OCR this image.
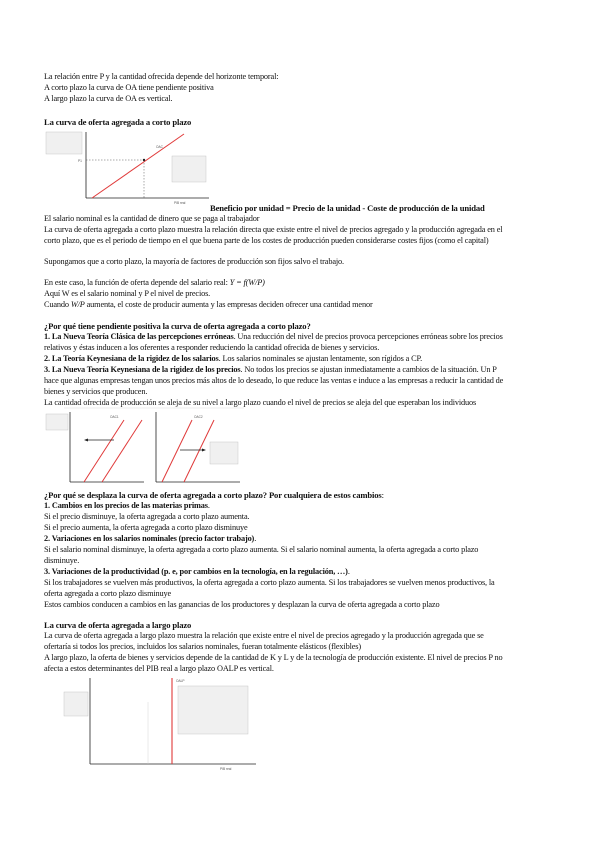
La relación entre P y la cantidad ofrecida depende del horizonte temporal:
A corto plazo la curva de OA tiene pendiente positiva
A largo plazo la curva de OA es vertical.
La curva de oferta agregada a corto plazo
OAC
P1
PIB real	Beneficio por unidad = Precio de la unidad - Coste de producción de la unidad
El salario nominal es la cantidad de dinero que se paga al trabajador
La curva de oferta agregada a corto plazo muestra la relación directa que existe entre el nivel de precios agregado y la producción agregada en el
corto plazo, que es el periodo de tiempo en el que buena parte de los costes de producción pueden considerarse costes fijos (como el capital)
Supongamos que a corto plazo, la mayoría de factores de producción son fijos salvo el trabajo.
En este caso, la función de oferta depende del salario real: Y = f(W/P)
Aquí W es el salario nominal y P el nivel de precios.
Cuando W/P aumenta, el coste de producir aumenta y las empresas deciden ofrecer una cantidad menor
¿Por qué tiene pendiente positiva la curva de oferta agregada a corto plazo?
1. La Nueva Teoría Clásica de las percepciones erróneas. Una reducción del nivel de precios provoca percepciones erróneas sobre los precios
relativos y éstas inducen a los oferentes a responder reduciendo la cantidad ofrecida de bienes y servicios.
2. La Teoría Keynesiana de la rigidez de los salarios. Los salarios nominales se ajustan lentamente, son rígidos a CP.
3. La Nueva Teoría Keynesiana de la rigidez de los precios. No todos los precios se ajustan inmediatamente a cambios de la situación. Un P
hace que algunas empresas tengan unos precios más altos de lo deseado, lo que reduce las ventas e induce a las empresas a reducir la cantidad de
bienes y servicios que producen.
La cantidad ofrecida de producción se aleja de su nivel a largo plazo cuando el nivel de precios se aleja del que esperaban los individuos
OAC1	OAC2
¿Por qué se desplaza la curva de oferta agregada a corto plazo? Por cualquiera de estos cambios:
1. Cambios en los precios de las materias primas.
Si el precio disminuye, la oferta agregada a corto plazo aumenta.
Si el precio aumenta, la oferta agregada a corto plazo disminuye
2. Variaciones en los salarios nominales (precio factor trabajo).
Si el salario nominal disminuye, la oferta agregada a corto plazo aumenta. Si el salario nominal aumenta, la oferta agregada a corto plazo
disminuye.
3. Variaciones de la productividad (p. e, por cambios en la tecnología, en la regulación, …).
Si los trabajadores se vuelven más productivos, la oferta agregada a corto plazo aumenta. Si los trabajadores se vuelven menos productivos, la
oferta agregada a corto plazo disminuye
Estos cambios conducen a cambios en las ganancias de los productores y desplazan la curva de oferta agregada a corto plazo
La curva de oferta agregada a largo plazo
La curva de oferta agregada a largo plazo muestra la relación que existe entre el nivel de precios agregado y la producción agregada que se
ofertaría si todos los precios, incluidos los salarios nominales, fueran totalmente elásticos (flexibles)
A largo plazo, la oferta de bienes y servicios depende de la cantidad de K y L y de la tecnología de producción existente. El nivel de precios P no
afecta a estos determinantes del PIB real a largo plazo OALP es vertical.
OALP
PIB real
